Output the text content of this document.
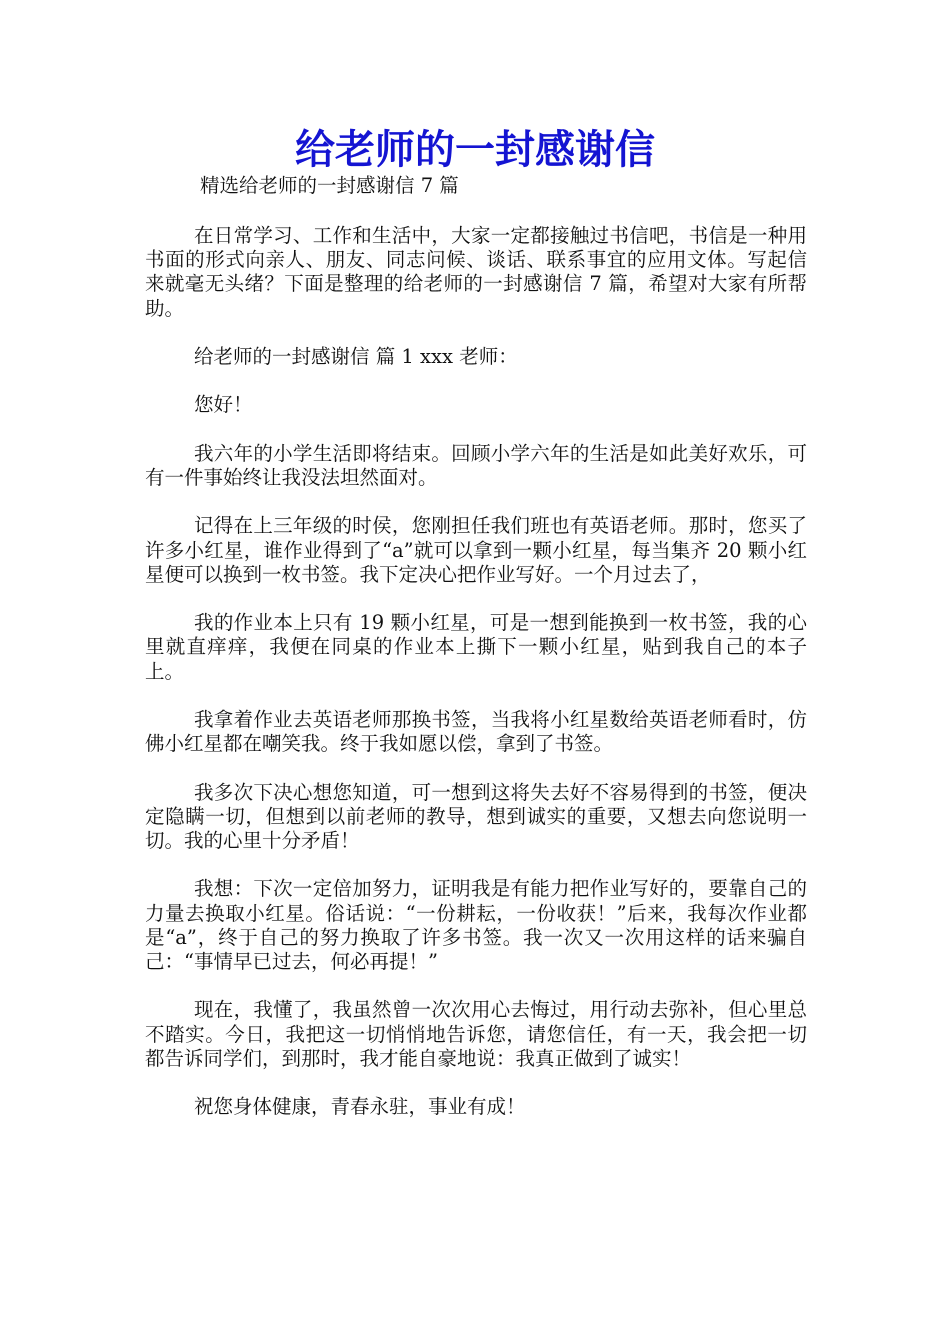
给老师的一封感谢信

精选给老师的一封感谢信 7 篇

在日常学习、工作和生活中，大家一定都接触过书信吧，书信是一种用书面的形式向亲人、朋友、同志问候、谈话、联系事宜的应用文体。写起信来就毫无头绪？下面是整理的给老师的一封感谢信 7 篇，希望对大家有所帮助。

给老师的一封感谢信 篇 1 xxx 老师：

您好！

我六年的小学生活即将结束。回顾小学六年的生活是如此美好欢乐，可有一件事始终让我没法坦然面对。

记得在上三年级的时侯，您刚担任我们班也有英语老师。那时，您买了许多小红星，谁作业得到了“a”就可以拿到一颗小红星，每当集齐 20 颗小红星便可以换到一枚书签。我下定决心把作业写好。一个月过去了，

我的作业本上只有 19 颗小红星，可是一想到能换到一枚书签，我的心里就直痒痒，我便在同桌的作业本上撕下一颗小红星，贴到我自己的本子上。

我拿着作业去英语老师那换书签，当我将小红星数给英语老师看时，仿佛小红星都在嘲笑我。终于我如愿以偿，拿到了书签。

我多次下决心想您知道，可一想到这将失去好不容易得到的书签，便决定隐瞒一切，但想到以前老师的教导，想到诚实的重要，又想去向您说明一切。我的心里十分矛盾！

我想：下次一定倍加努力，证明我是有能力把作业写好的，要靠自己的力量去换取小红星。俗话说：“一份耕耘，一份收获！”后来，我每次作业都是“a”，终于自己的努力换取了许多书签。我一次又一次用这样的话来骗自己：“事情早已过去，何必再提！”

现在，我懂了，我虽然曾一次次用心去悔过，用行动去弥补，但心里总不踏实。今日，我把这一切悄悄地告诉您，请您信任，有一天，我会把一切都告诉同学们，到那时，我才能自豪地说：我真正做到了诚实！

祝您身体健康，青春永驻，事业有成！
